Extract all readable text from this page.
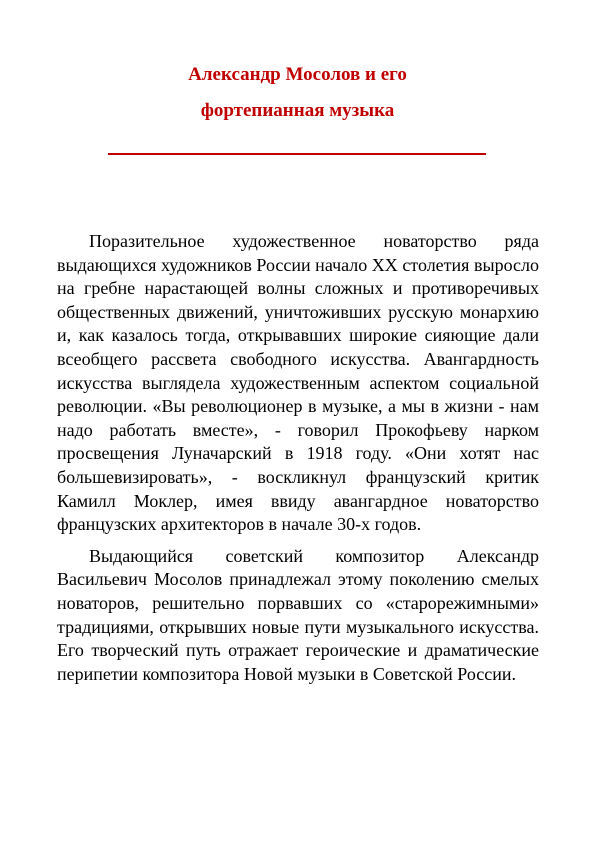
Александр Мосолов и его
фортепианная музыка

Поразительное художественное новаторство ряда выдающихся художников России начало XX столетия выросло на гребне нарастающей волны сложных и противоречивых общественных движений, уничтоживших русскую монархию и, как казалось тогда, открывавших широкие сияющие дали всеобщего рассвета свободного искусства. Авангардность искусства выглядела художественным аспектом социальной революции. «Вы революционер в музыке, а мы в жизни - нам надо работать вместе», - говорил Прокофьеву нарком просвещения Луначарский в 1918 году. «Они хотят нас большевизировать», - воскликнул французский критик Камилл Моклер, имея ввиду авангардное новаторство французских архитекторов в начале 30-х годов.

Выдающийся советский композитор Александр Васильевич Мосолов принадлежал этому поколению смелых новаторов, решительно порвавших со «старорежимными» традициями, открывших новые пути музыкального искусства. Его творческий путь отражает героические и драматические перипетии композитора Новой музыки в Советской России.
